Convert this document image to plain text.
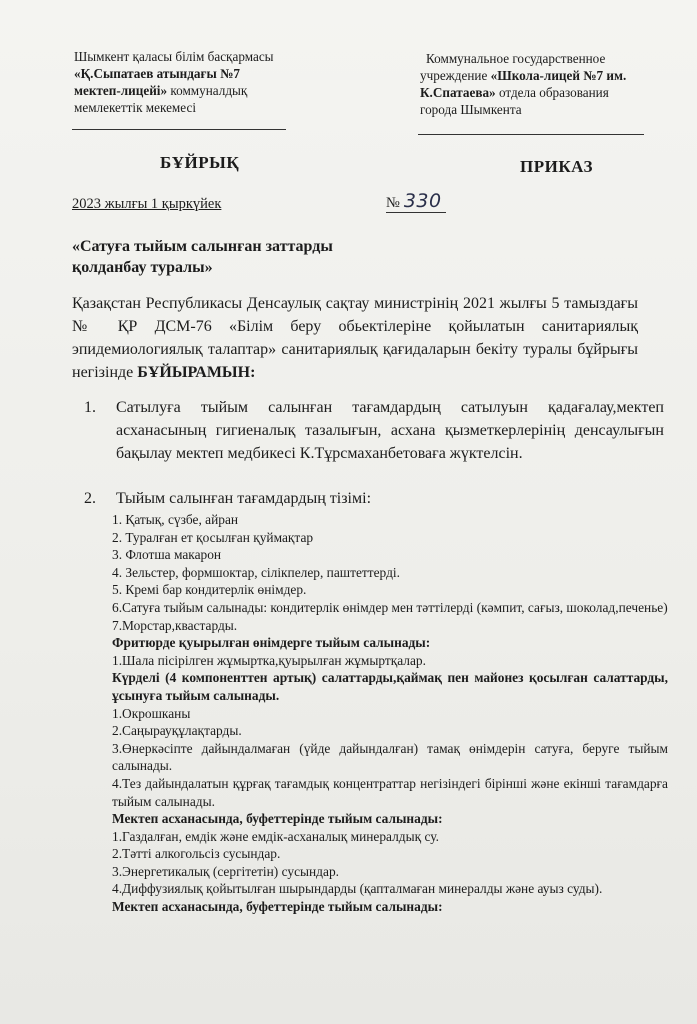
Шымкент қаласы білім басқармасы
«Қ.Сыпатаев атындағы №7
мектеп-лицейі» коммуналдық
мемлекеттік мекемесі
Коммунальное государственное
учреждение «Школа-лицей №7 им.
К.Спатаева» отдела образования
города Шымкента
БҰЙРЫҚ	ПРИКАЗ
2023 жылғы 1 қыркүйек	№ 330
«Сатуға тыйым салынған заттарды
қолданбау туралы»
Қазақстан Республикасы Денсаулық сақтау министрінің 2021 жылғы 5 тамыздағы № ҚР ДСМ-76 «Білім беру обьектілеріне қойылатын санитариялық эпидемиологиялық талаптар» санитариялық қағидаларын бекіту туралы бұйрығы негізінде БҰЙЫРАМЫН:
1. Сатылуға тыйым салынған тағамдардың сатылуын қадағалау,мектеп асханасының гигиеналық тазалығын, асхана қызметкерлерінің денсаулығын бақылау мектеп медбикесі К.Тұрсмаханбетоваға жүктелсін.
2. Тыйым салынған тағамдардың тізімі:
1. Қатық, сүзбе, айран
2. Туралған ет қосылған қуймақтар
3. Флотша макарон
4. Зельстер, формшоктар, сілікпелер, паштеттерді.
5. Кремі бар кондитерлік өнімдер.
6.Сатуға тыйым салынады: кондитерлік өнімдер мен тәттілерді (кәмпит, сағыз, шоколад,печенье)
7.Морстар,квастарды.
Фритюрде қуырылған өнімдерге тыйым салынады:
1.Шала пісірілген жұмыртка,қуырылған жұмыртқалар.
Күрделі (4 компоненттен артық) салаттарды,қаймақ пен майонез қосылған салаттарды, ұсынуға тыйым салынады.
1.Окрошканы
2.Саңырауқұлақтарды.
3.Өнеркәсіпте дайындалмаған (үйде дайындалған) тамақ өнімдерін сатуға, беруге тыйым салынады.
4.Тез дайындалатын құрғақ тағамдық концентраттар негізіндегі бірінші және екінші тағамдарға тыйым салынады.
Мектеп асханасында, буфеттерінде тыйым салынады:
1.Газдалған, емдік және емдік-асханалық минералдық су.
2.Тәтті алкогольсіз сусындар.
3.Энергетикалық (сергітетін) сусындар.
4.Диффузиялық қойытылған шырындарды (қапталмаған минералды және ауыз суды).
Мектеп асханасында, буфеттерінде тыйым салынады:
